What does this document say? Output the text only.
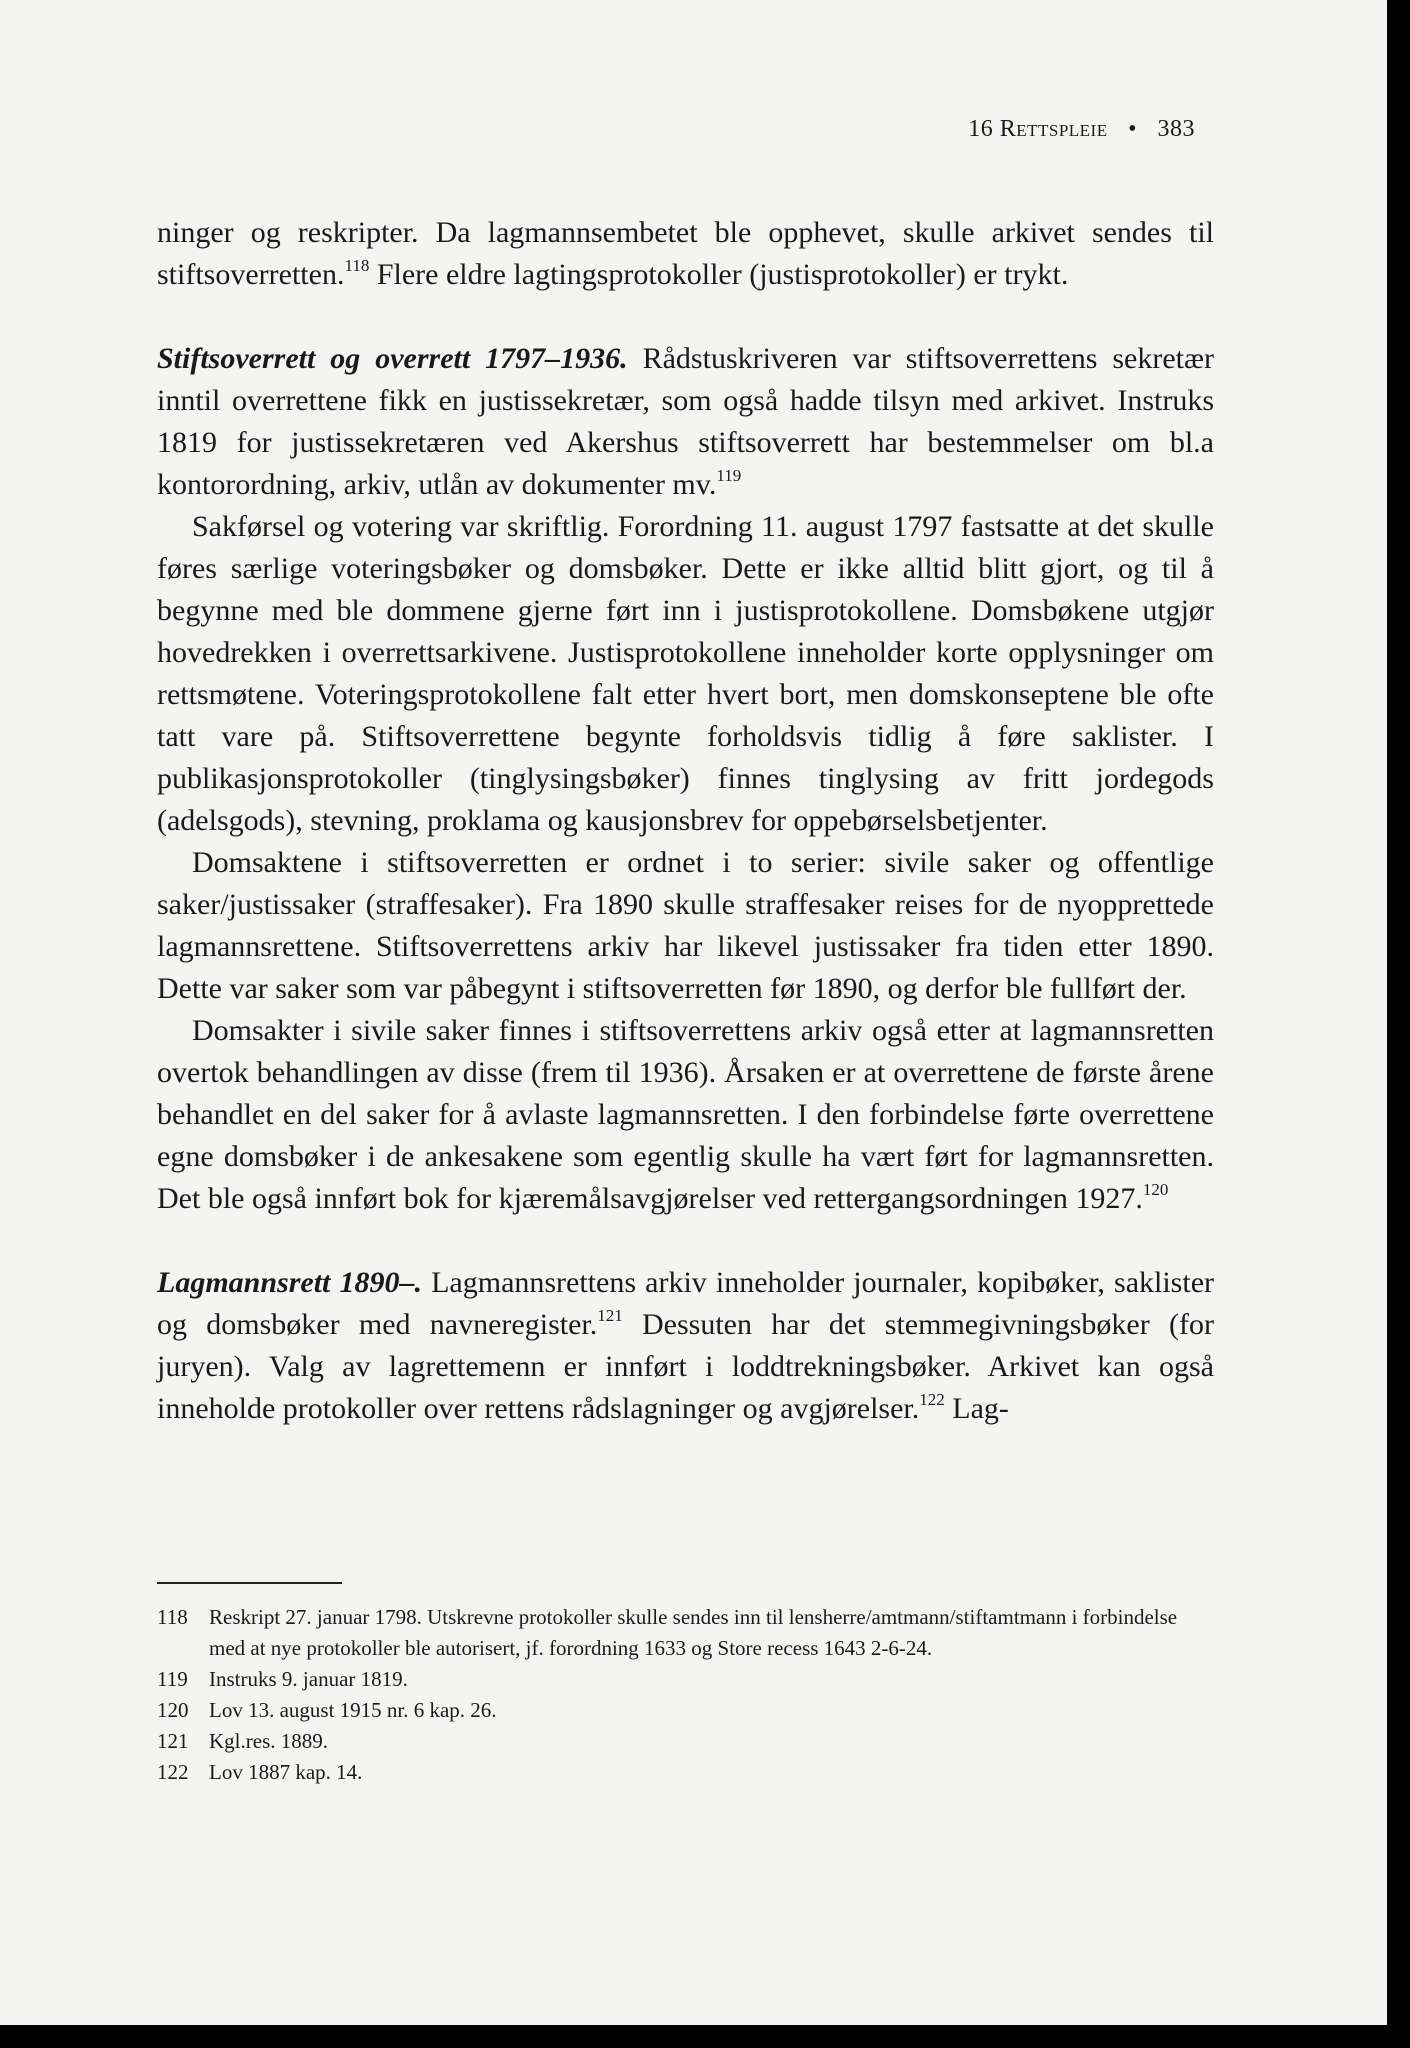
16 Rettspleie • 383

ninger og reskripter. Da lagmannsembetet ble opphevet, skulle arkivet sendes til stiftsoverretten.$^{118}$ Flere eldre lagtingsprotokoller (justisprotokoller) er trykt.

Stiftsoverrett og overrett 1797–1936. Rådstuskriveren var stiftsoverrettens sekretær inntil overrettene fikk en justissekretær, som også hadde tilsyn med arkivet. Instruks 1819 for justissekretæren ved Akershus stiftsoverrett har bestemmelser om bl.a kontorordning, arkiv, utlån av dokumenter mv.$^{119}$

Sakførsel og votering var skriftlig. Forordning 11. august 1797 fastsatte at det skulle føres særlige voteringsbøker og domsbøker. Dette er ikke alltid blitt gjort, og til å begynne med ble dommene gjerne ført inn i justisprotokollene. Domsbøkene utgjør hovedrekken i overrettsarkivene. Justisprotokollene inneholder korte opplysninger om rettsmøtene. Voteringsprotokollene falt etter hvert bort, men domskonseptene ble ofte tatt vare på. Stiftsoverrettene begynte forholdsvis tidlig å føre saklister. I publikasjonsprotokoller (tinglysingsbøker) finnes tinglysing av fritt jordegods (adelsgods), stevning, proklama og kausjonsbrev for oppebørselsbetjenter.

Domsaktene i stiftsoverretten er ordnet i to serier: sivile saker og offentlige saker/justissaker (straffesaker). Fra 1890 skulle straffesaker reises for de nyopprettede lagmannsrettene. Stiftsoverrettens arkiv har likevel justissaker fra tiden etter 1890. Dette var saker som var påbegynt i stiftsoverretten før 1890, og derfor ble fullført der.

Domsakter i sivile saker finnes i stiftsoverrettens arkiv også etter at lagmannsretten overtok behandlingen av disse (frem til 1936). Årsaken er at overrettene de første årene behandlet en del saker for å avlaste lagmannsretten. I den forbindelse førte overrettene egne domsbøker i de ankesakene som egentlig skulle ha vært ført for lagmannsretten. Det ble også innført bok for kjæremålsavgjørelser ved rettergangsordningen 1927.$^{120}$

Lagmannsrett 1890–. Lagmannsrettens arkiv inneholder journaler, kopibøker, saklister og domsbøker med navneregister.$^{121}$ Dessuten har det stemmegivningsbøker (for juryen). Valg av lagrettemenn er innført i loddtrekningsbøker. Arkivet kan også inneholde protokoller over rettens rådslagninger og avgjørelser.$^{122}$ Lag-

118	Reskript 27. januar 1798. Utskrevne protokoller skulle sendes inn til lensherre/amtmann/stiftamtmann i forbindelse med at nye protokoller ble autorisert, jf. forordning 1633 og Store recess 1643 2-6-24.
119	Instruks 9. januar 1819.
120 Lov 13. august 1915 nr. 6 kap. 26.
121 Kgl.res. 1889.
122 Lov 1887 kap. 14.
